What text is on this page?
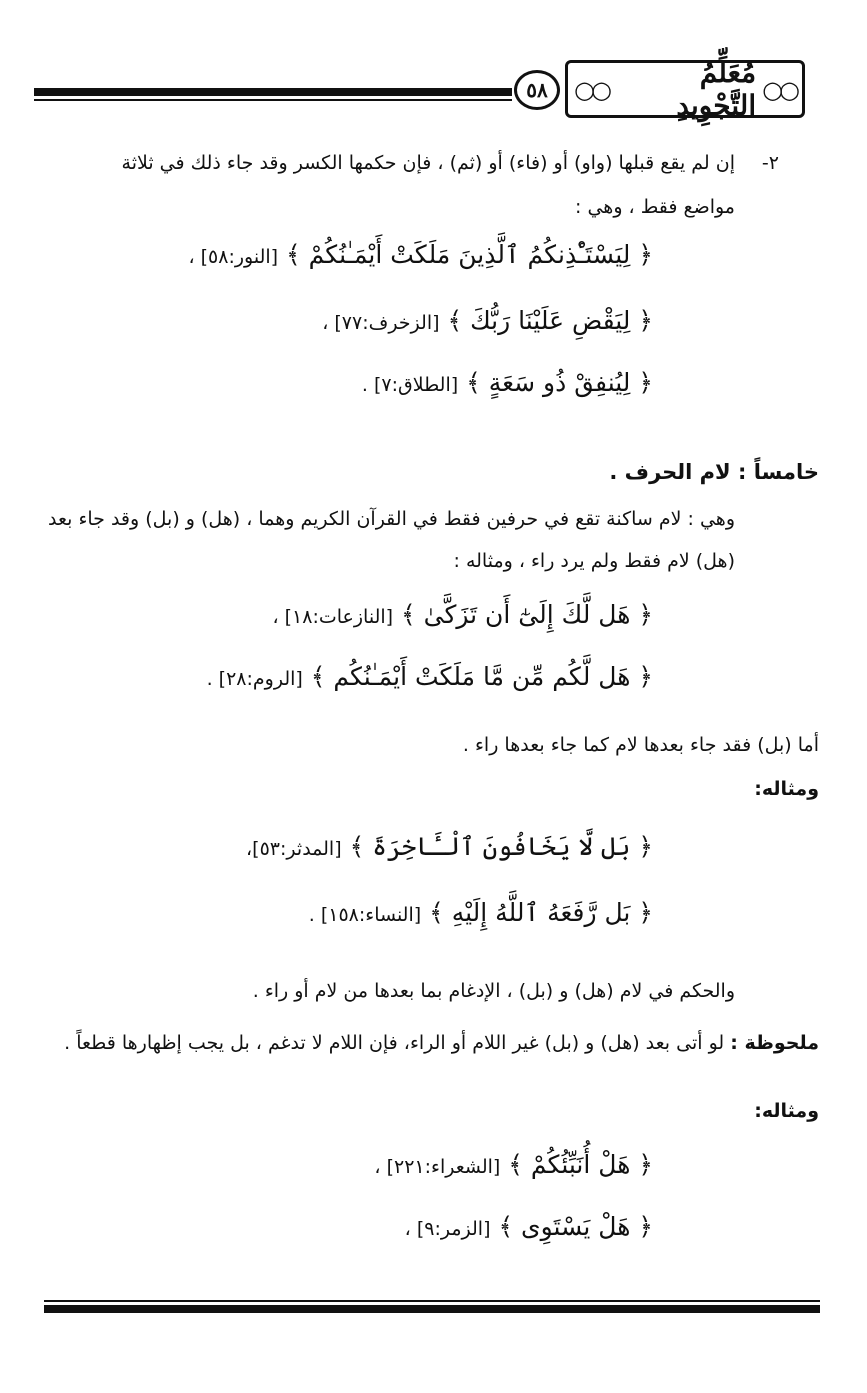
٥٨	○○
مُعَلِّمُ التَّجْوِيدِ
○○
٢-
إن لم يقع قبلها (واو) أو (فاء) أو (ثم) ، فإن حكمها الكسر وقد جاء ذلك في ثلاثة
مواضع فقط ، وهي :
﴿ لِيَسْتَـْٔذِنكُمُ ٱلَّذِينَ مَلَكَتْ أَيْمَـٰنُكُمْ ﴾ [النور:٥٨] ،
﴿ لِيَقْضِ عَلَيْنَا رَبُّكَ ﴾ [الزخرف:٧٧] ،
﴿ لِيُنفِقْ ذُو سَعَةٍ ﴾ [الطلاق:٧] .
خامساً : لام الحرف .
وهي : لام ساكنة تقع في حرفين فقط في القرآن الكريم وهما ، (هل) و (بل) وقد جاء بعد
(هل) لام فقط ولم يرد راء ، ومثاله :
﴿ هَل لَّكَ إِلَىٰٓ أَن تَزَكَّىٰ ﴾ [النازعات:١٨] ،
﴿ هَل لَّكُم مِّن مَّا مَلَكَتْ أَيْمَـٰنُكُم ﴾ [الروم:٢٨] .
أما (بل) فقد جاء بعدها لام كما جاء بعدها راء .
ومثاله:
﴿ بَل لَّا يَخَافُونَ ٱلْـَٔاخِرَةَ ﴾ [المدثر:٥٣]،
﴿ بَل رَّفَعَهُ ٱللَّهُ إِلَيْهِ ﴾ [النساء:١٥٨] .
والحكم في لام (هل) و (بل) ، الإدغام بما بعدها من لام أو راء .
ملحوظة : لو أتى بعد (هل) و (بل) غير اللام أو الراء، فإن اللام لا تدغم ، بل يجب إظهارها قطعاً .
ومثاله:
﴿ هَلْ أُنَبِّئُكُمْ ﴾ [الشعراء:٢٢١] ،
﴿ هَلْ يَسْتَوِى ﴾ [الزمر:٩] ،
